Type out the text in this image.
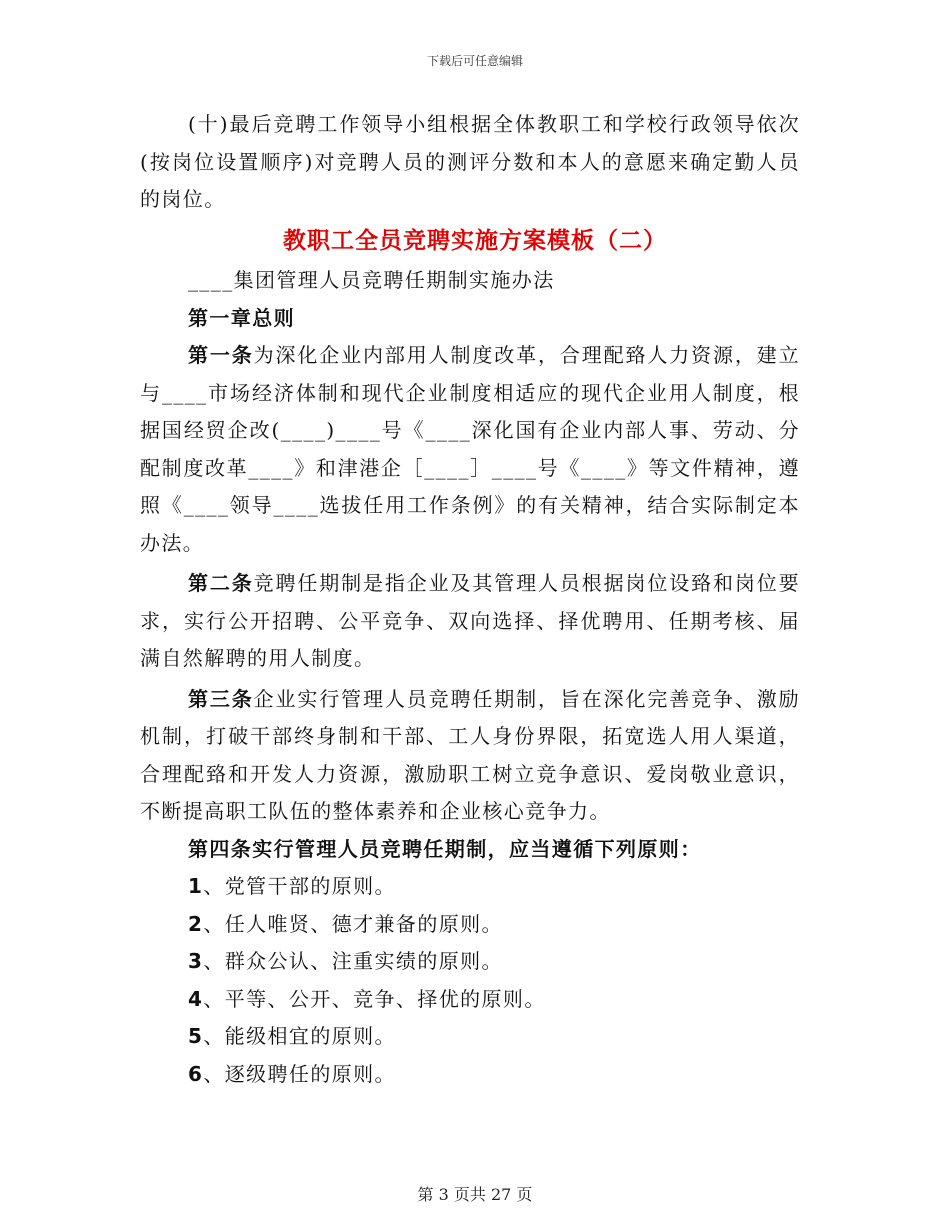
下载后可任意编辑

(十)最后竞聘工作领导小组根据全体教职工和学校行政领导依次(按岗位设置顺序)对竞聘人员的测评分数和本人的意愿来确定勤人员的岗位。

教职工全员竞聘实施方案模板（二）

____集团管理人员竞聘任期制实施办法

第一章总则

第一条为深化企业内部用人制度改革，合理配臵人力资源，建立与____市场经济体制和现代企业制度相适应的现代企业用人制度，根据国经贸企改(____)____号《____深化国有企业内部人事、劳动、分配制度改革____》和津港企［____］____号《____》等文件精神，遵照《____领导____选拔任用工作条例》的有关精神，结合实际制定本办法。

第二条竞聘任期制是指企业及其管理人员根据岗位设臵和岗位要求，实行公开招聘、公平竞争、双向选择、择优聘用、任期考核、届满自然解聘的用人制度。

第三条企业实行管理人员竞聘任期制，旨在深化完善竞争、激励机制，打破干部终身制和干部、工人身份界限，拓宽选人用人渠道，合理配臵和开发人力资源，激励职工树立竞争意识、爱岗敬业意识，不断提高职工队伍的整体素养和企业核心竞争力。

第四条实行管理人员竞聘任期制，应当遵循下列原则：

1、党管干部的原则。

2、任人唯贤、德才兼备的原则。

3、群众公认、注重实绩的原则。

4、平等、公开、竞争、择优的原则。

5、能级相宜的原则。

6、逐级聘任的原则。

第 3 页共 27 页
